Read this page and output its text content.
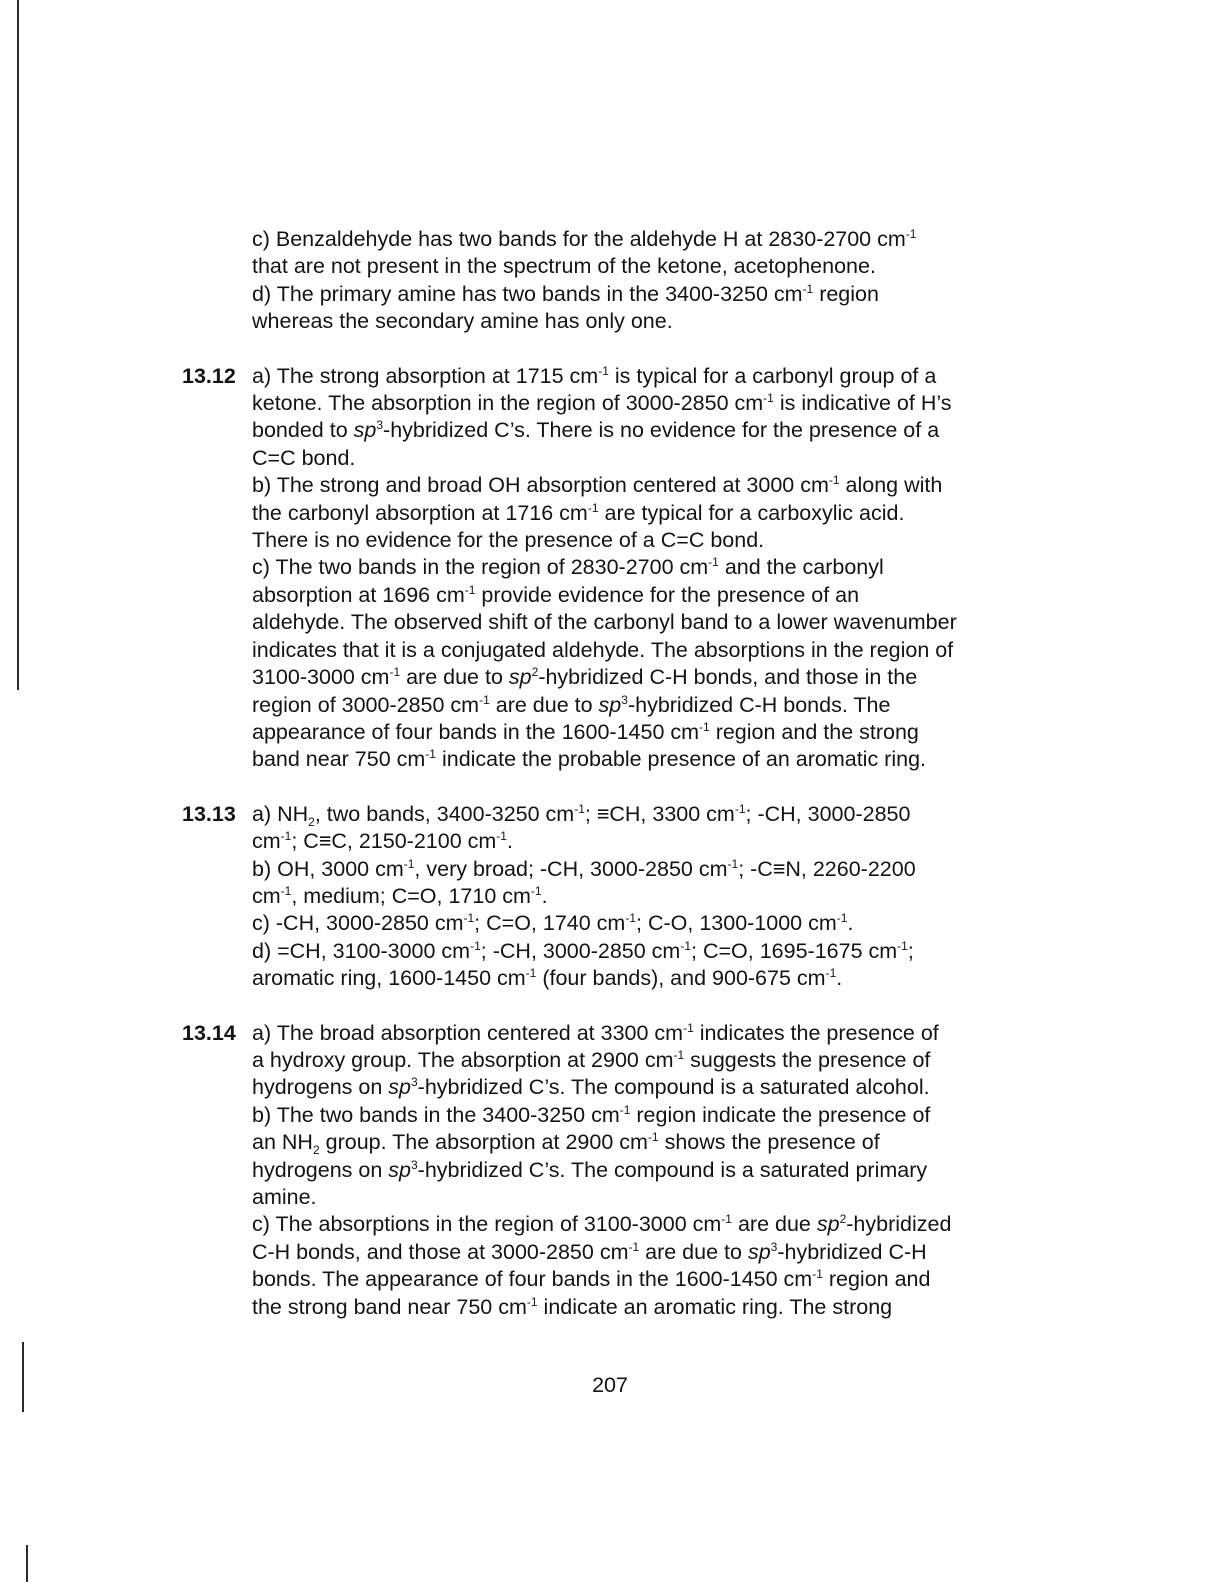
c) Benzaldehyde has two bands for the aldehyde H at 2830-2700 $cm^{-1}$
that are not present in the spectrum of the ketone, acetophenone.
d) The primary amine has two bands in the 3400-3250 $cm^{-1}$ region
whereas the secondary amine has only one.
13.12 a) The strong absorption at 1715 $cm^{-1}$ is typical for a carbonyl group of a
ketone. The absorption in the region of 3000-2850 $cm^{-1}$ is indicative of H’s
bonded to $sp^3$-hybridized C’s. There is no evidence for the presence of a
C=C bond.
b) The strong and broad OH absorption centered at 3000 $cm^{-1}$ along with
the carbonyl absorption at 1716 $cm^{-1}$ are typical for a carboxylic acid.
There is no evidence for the presence of a C=C bond.
c) The two bands in the region of 2830-2700 $cm^{-1}$ and the carbonyl
absorption at 1696 $cm^{-1}$ provide evidence for the presence of an
aldehyde. The observed shift of the carbonyl band to a lower wavenumber
indicates that it is a conjugated aldehyde. The absorptions in the region of
3100-3000 $cm^{-1}$ are due to $sp^2$-hybridized C-H bonds, and those in the
region of 3000-2850 $cm^{-1}$ are due to $sp^3$-hybridized C-H bonds. The
appearance of four bands in the 1600-1450 $cm^{-1}$ region and the strong
band near 750 $cm^{-1}$ indicate the probable presence of an aromatic ring.
13.13 a) $NH_2$, two bands, 3400-3250 $cm^{-1}$; ≡CH, 3300 $cm^{-1}$; -CH, 3000-2850
$cm^{-1}$; C≡C, 2150-2100 $cm^{-1}$.
b) OH, 3000 $cm^{-1}$, very broad; -CH, 3000-2850 $cm^{-1}$; -C≡N, 2260-2200
$cm^{-1}$, medium; C=O, 1710 $cm^{-1}$.
c) -CH, 3000-2850 $cm^{-1}$; C=O, 1740 $cm^{-1}$; C-O, 1300-1000 $cm^{-1}$.
d) =CH, 3100-3000 $cm^{-1}$; -CH, 3000-2850 $cm^{-1}$; C=O, 1695-1675 $cm^{-1}$;
aromatic ring, 1600-1450 $cm^{-1}$ (four bands), and 900-675 $cm^{-1}$.
13.14 a) The broad absorption centered at 3300 $cm^{-1}$ indicates the presence of
a hydroxy group. The absorption at 2900 $cm^{-1}$ suggests the presence of
hydrogens on $sp^3$-hybridized C’s. The compound is a saturated alcohol.
b) The two bands in the 3400-3250 $cm^{-1}$ region indicate the presence of
an $NH_2$ group. The absorption at 2900 $cm^{-1}$ shows the presence of
hydrogens on $sp^3$-hybridized C’s. The compound is a saturated primary
amine.
c) The absorptions in the region of 3100-3000 $cm^{-1}$ are due $sp^2$-hybridized
C-H bonds, and those at 3000-2850 $cm^{-1}$ are due to $sp^3$-hybridized C-H
bonds. The appearance of four bands in the 1600-1450 $cm^{-1}$ region and
the strong band near 750 $cm^{-1}$ indicate an aromatic ring. The strong
207
